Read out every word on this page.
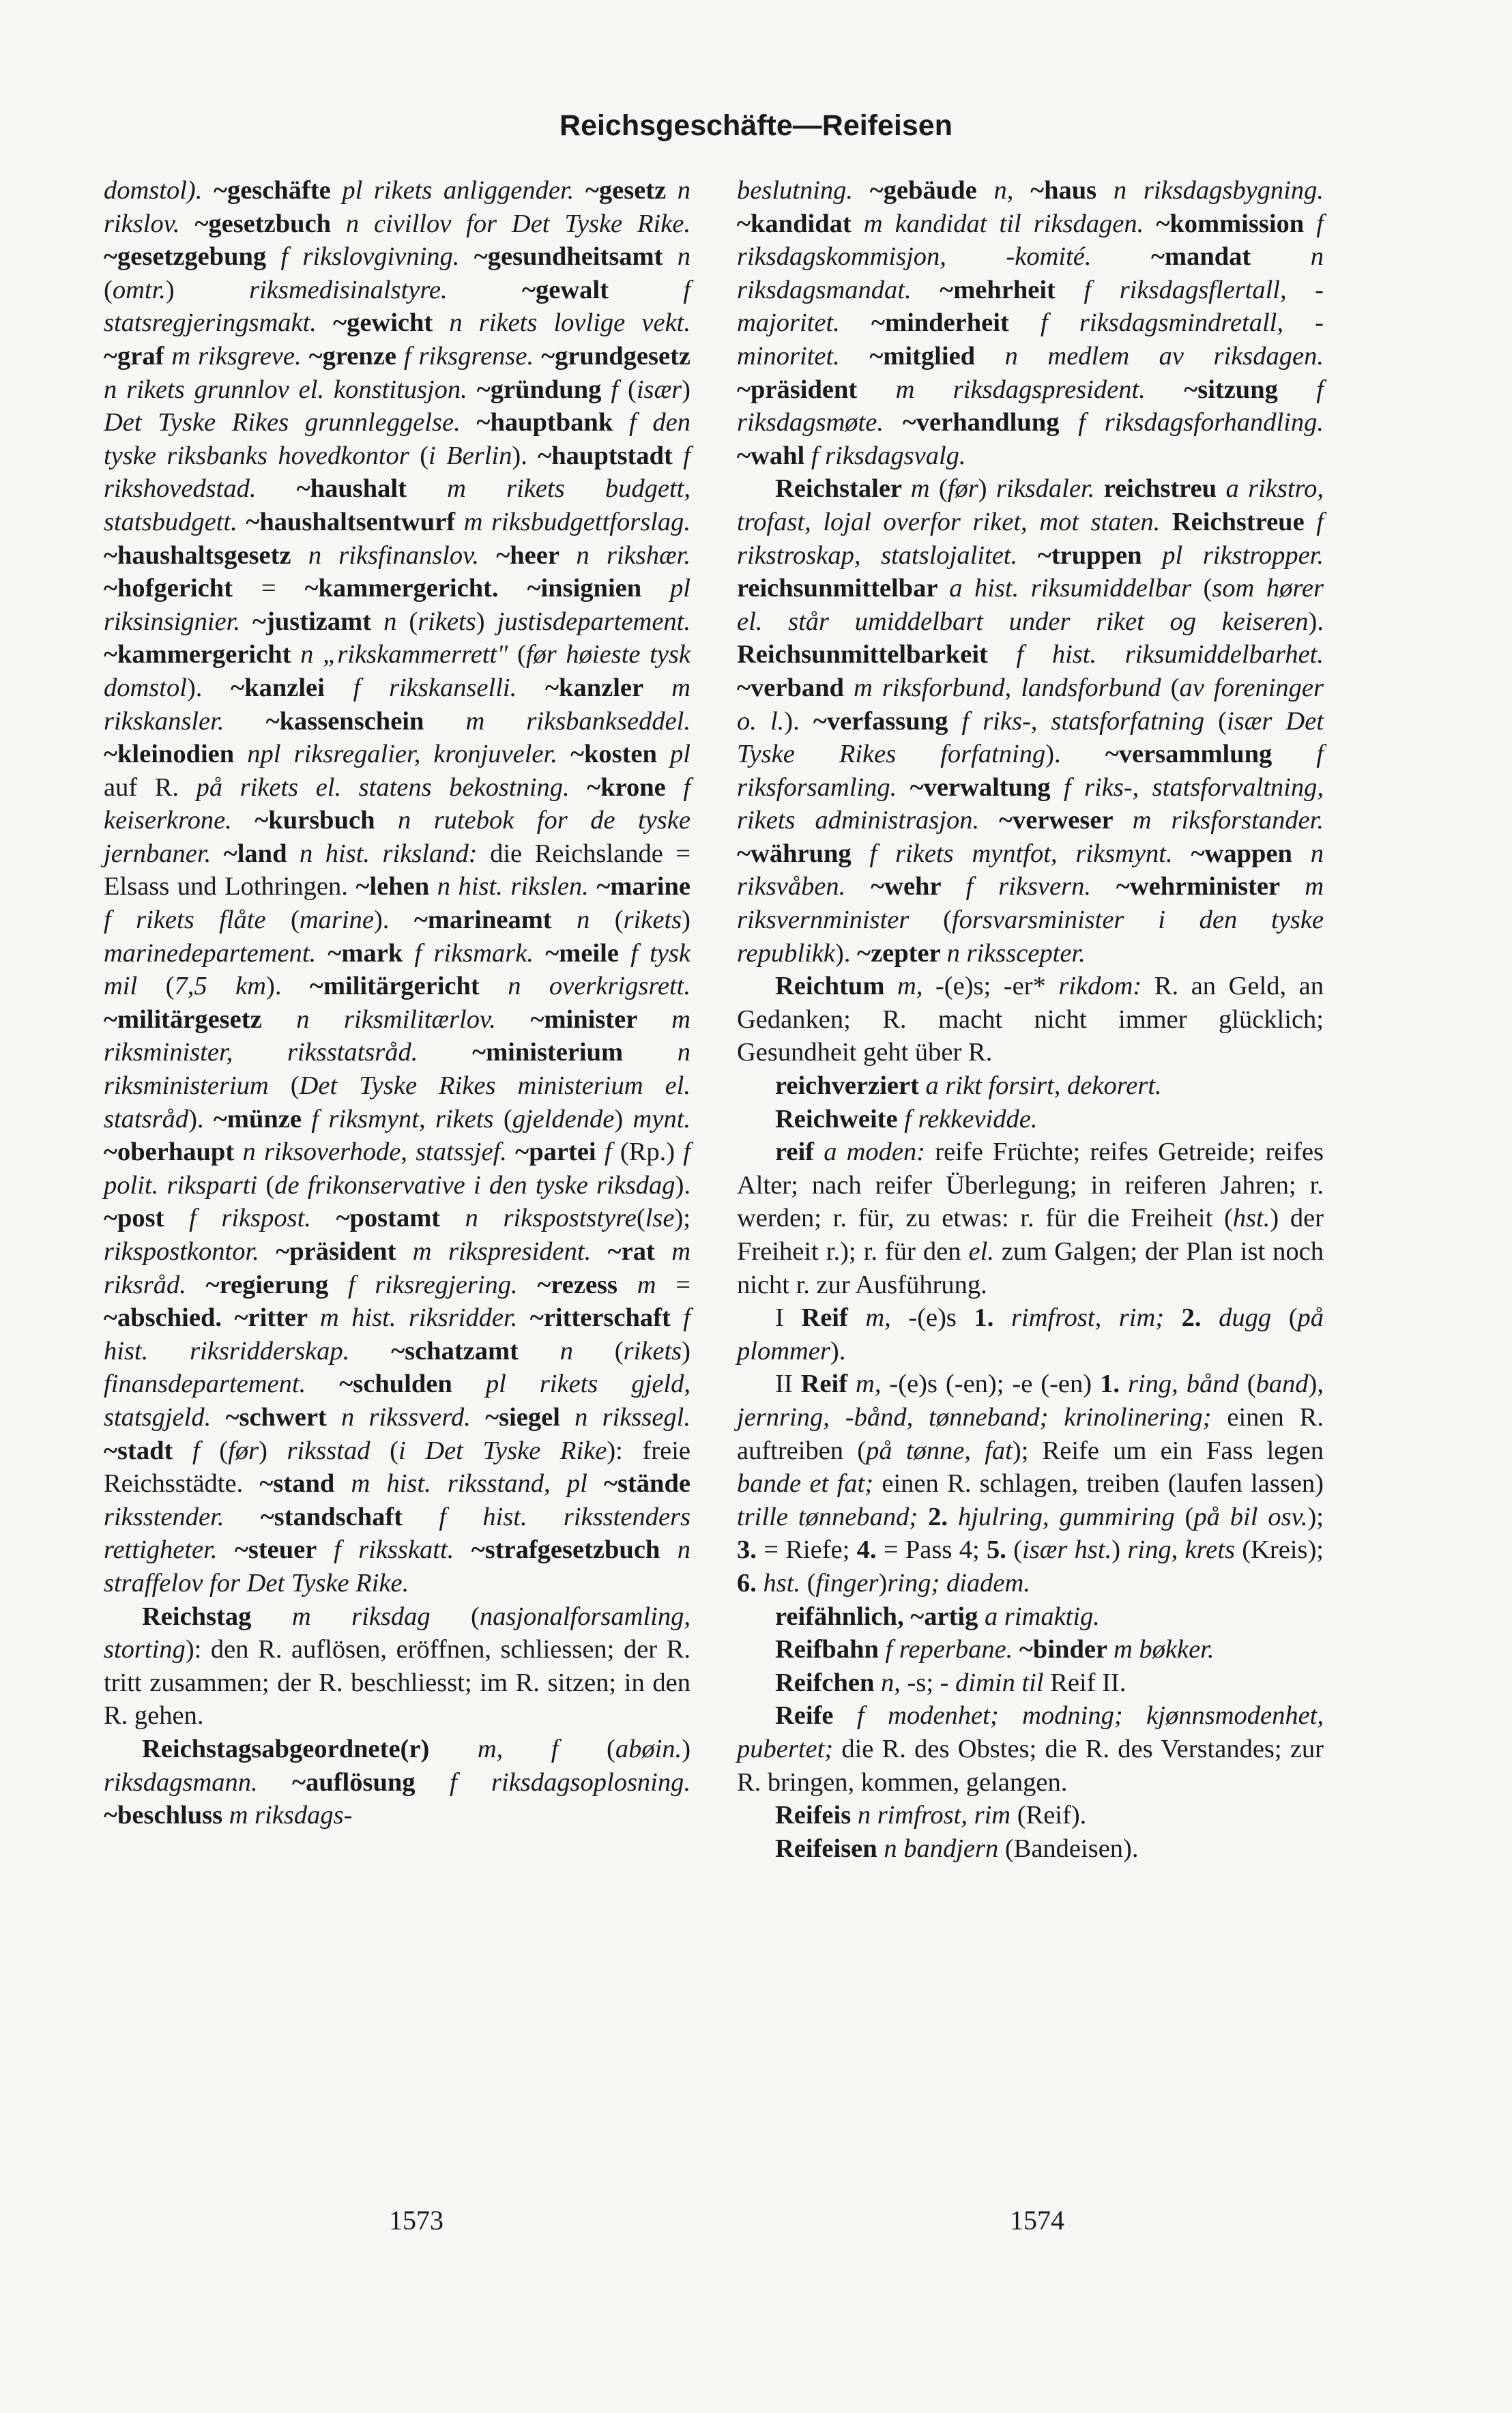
Reichsgeschäfte—Reifeisen

domstol). ~geschäfte pl rikets anliggender. ~gesetz n rikslov. ~gesetzbuch n civillov for Det Tyske Rike. ~gesetzgebung f rikslovgivning. ~gesundheitsamt n (omtr.) riksmedisinalstyre. ~gewalt f statsregjeringsmakt. ~gewicht n rikets lovlige vekt. ~graf m riksgreve. ~grenze f riksgrense. ~grundgesetz n rikets grunnlov el. konstitusjon. ~gründung f (især) Det Tyske Rikes grunnleggelse. ~hauptbank f den tyske riksbanks hovedkontor (i Berlin). ~hauptstadt f rikshovedstad. ~haushalt m rikets budgett, statsbudgett. ~haushaltsentwurf m riksbudgettforslag. ~haushaltsgesetz n riksfinanslov. ~heer n rikshær. ~hofgericht = ~kammergericht. ~insignien pl riksinsignier. ~justizamt n (rikets) justisdepartement. ~kammergericht n „rikskammerrett" (før høieste tysk domstol). ~kanzlei f rikskanselli. ~kanzler m rikskansler. ~kassenschein m riksbankseddel. ~kleinodien npl riksregalier, kronjuveler. ~kosten pl auf R. på rikets el. statens bekostning. ~krone f keiserkrone. ~kursbuch n rutebok for de tyske jernbaner. ~land n hist. riksland: die Reichslande = Elsass und Lothringen. ~lehen n hist. rikslen. ~marine f rikets flåte (marine). ~marineamt n (rikets) marinedepartement. ~mark f riksmark. ~meile f tysk mil (7,5 km). ~militärgericht n overkrigsrett. ~militärgesetz n riksmilitærlov. ~minister m riksminister, riksstatsråd. ~ministerium n riksministerium (Det Tyske Rikes ministerium el. statsråd). ~münze f riksmynt, rikets (gjeldende) mynt. ~oberhaupt n riksoverhode, statssjef. ~partei f (Rp.) f polit. riksparti (de frikonservative i den tyske riksdag). ~post f rikspost. ~postamt n rikspoststyre(lse); rikspostkontor. ~präsident m rikspresident. ~rat m riksråd. ~regierung f riksregjering. ~rezess m = ~abschied. ~ritter m hist. riksridder. ~ritterschaft f hist. riksridderskap. ~schatzamt n (rikets) finansdepartement. ~schulden pl rikets gjeld, statsgjeld. ~schwert n rikssverd. ~siegel n rikssegl. ~stadt f (før) riksstad (i Det Tyske Rike): freie Reichsstädte. ~stand m hist. riksstand, pl ~stände riksstender. ~standschaft f hist. riksstenders rettigheter. ~steuer f riksskatt. ~strafgesetzbuch n straffelov for Det Tyske Rike.

Reichstag m riksdag (nasjonalforsamling, storting): den R. auflösen, eröffnen, schliessen; der R. tritt zusammen; der R. beschliesst; im R. sitzen; in den R. gehen.

Reichstagsabgeordnete(r) m, f (abøin.) riksdagsmann. ~auflösung f riksdagsoplosning. ~beschluss m riksdags-

beslutning. ~gebäude n, ~haus n riksdagsbygning. ~kandidat m kandidat til riksdagen. ~kommission f riksdagskommisjon, -komité. ~mandat n riksdagsmandat. ~mehrheit f riksdagsflertall, -majoritet. ~minderheit f riksdagsmindretall, -minoritet. ~mitglied n medlem av riksdagen. ~präsident m riksdagspresident. ~sitzung f riksdagsmøte. ~verhandlung f riksdagsforhandling. ~wahl f riksdagsvalg.

Reichstaler m (før) riksdaler. reichstreu a rikstro, trofast, lojal overfor riket, mot staten. Reichstreue f rikstroskap, statslojalitet. ~truppen pl rikstropper. reichsunmittelbar a hist. riksumiddelbar (som hører el. står umiddelbart under riket og keiseren). Reichsunmittelbarkeit f hist. riksumiddelbarhet. ~verband m riksforbund, landsforbund (av foreninger o. l.). ~verfassung f riks-, statsforfatning (især Det Tyske Rikes forfatning). ~versammlung f riksforsamling. ~verwaltung f riks-, statsforvaltning, rikets administrasjon. ~verweser m riksforstander. ~währung f rikets myntfot, riksmynt. ~wappen n riksvåben. ~wehr f riksvern. ~wehrminister m riksvernminister (forsvarsminister i den tyske republikk). ~zepter n riksscepter.

Reichtum m, -(e)s; -er* rikdom: R. an Geld, an Gedanken; R. macht nicht immer glücklich; Gesundheit geht über R.

reichverziert a rikt forsirt, dekorert.

Reichweite f rekkevidde.

reif a moden: reife Früchte; reifes Getreide; reifes Alter; nach reifer Überlegung; in reiferen Jahren; r. werden; r. für, zu etwas: r. für die Freiheit (hst.) der Freiheit r.); r. für den el. zum Galgen; der Plan ist noch nicht r. zur Ausführung.

I Reif m, -(e)s 1. rimfrost, rim; 2. dugg (på plommer).

II Reif m, -(e)s (-en); -e (-en) 1. ring, bånd (band), jernring, -bånd, tønneband; krinolinering; einen R. auftreiben (på tønne, fat); Reife um ein Fass legen bande et fat; einen R. schlagen, treiben (laufen lassen) trille tønneband; 2. hjulring, gummiring (på bil osv.); 3. = Riefe; 4. = Pass 4; 5. (især hst.) ring, krets (Kreis); 6. hst. (finger)ring; diadem.

reifähnlich, ~artig a rimaktig.

Reifbahn f reperbane. ~binder m bøkker.

Reifchen n, -s; - dimin til Reif II.

Reife f modenhet; modning; kjønnsmodenhet, pubertet; die R. des Obstes; die R. des Verstandes; zur R. bringen, kommen, gelangen.

Reifeis n rimfrost, rim (Reif).

Reifeisen n bandjern (Bandeisen).

1573	1574
